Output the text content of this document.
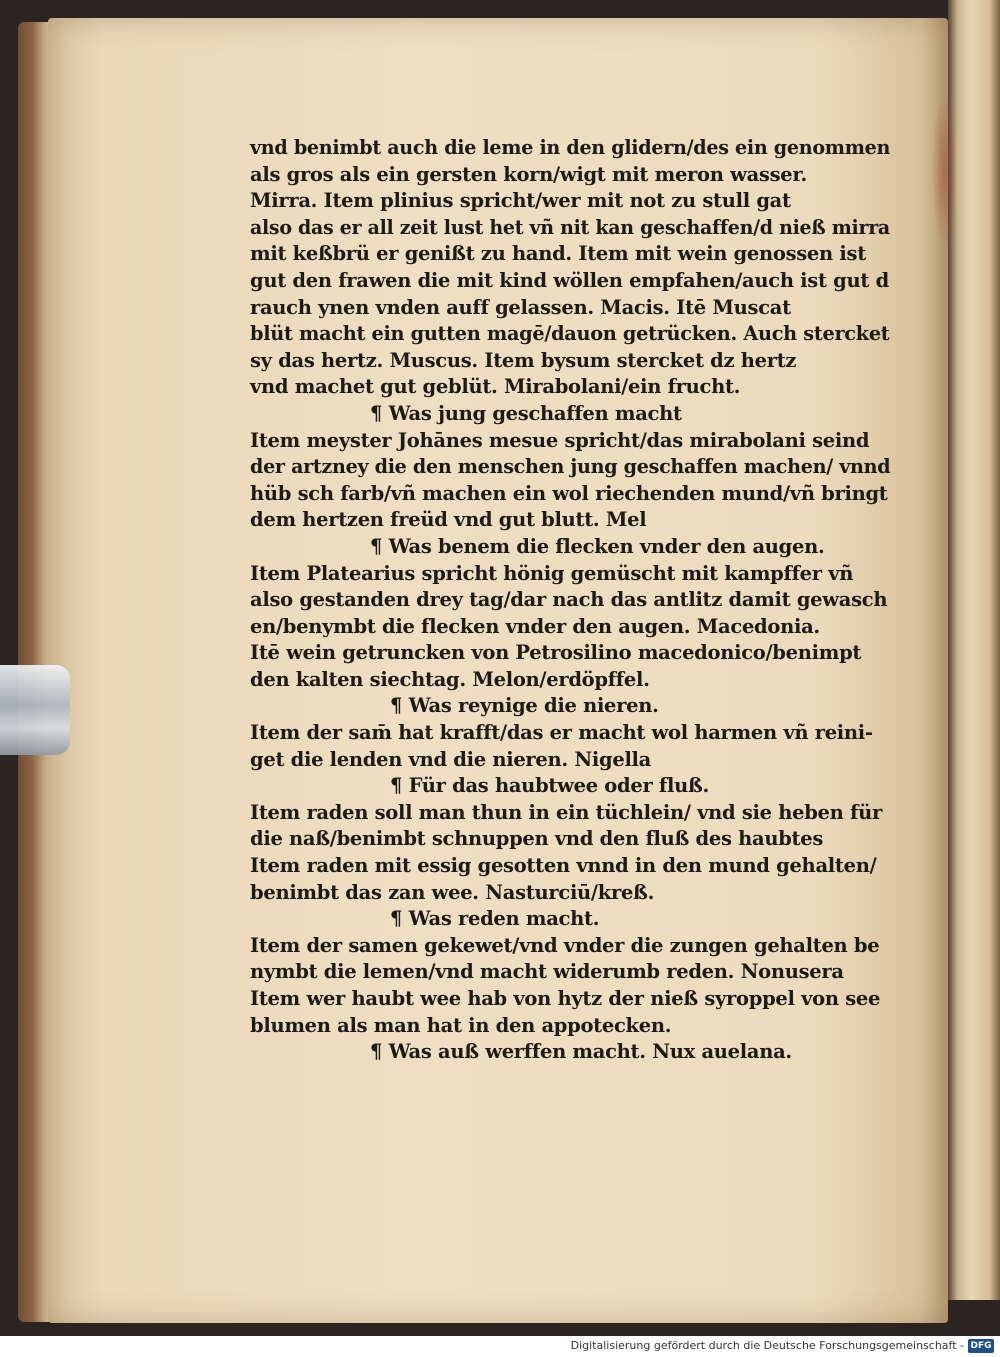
vnd benimbt auch die leme in den glidern/des ein genommen
als gros als ein gersten korn/wigt mit meron wasser.
Mirra. Item plinius spricht/wer mit not zu stull gat
also das er all zeit lust het vñ nit kan geschaffen/d nieß mirra
mit keßbrü er genißt zu hand. Item mit wein genossen ist
gut den frawen die mit kind wöllen empfahen/auch ist gut d
rauch ynen vnden auff gelassen. Macis. Itē Muscat
blüt macht ein gutten magē/dauon getrücken. Auch stercket
sy das hertz. Muscus. Item bysum stercket dz hertz
vnd machet gut geblüt. Mirabolani/ein frucht.
¶ Was jung geschaffen macht
Item meyster Johānes mesue spricht/das mirabolani seind
der artzney die den menschen jung geschaffen machen/ vnnd
hüb sch farb/vñ machen ein wol riechenden mund/vñ bringt
dem hertzen freüd vnd gut blutt. Mel
¶ Was benem die flecken vnder den augen.
Item Platearius spricht hönig gemüscht mit kampffer vñ
also gestanden drey tag/dar nach das antlitz damit gewasch
en/benymbt die flecken vnder den augen. Macedonia.
Itē wein getruncken von Petrosilino macedonico/benimpt
den kalten siechtag. Melon/erdöpffel.
¶ Was reynige die nieren.
Item der sam̄ hat krafft/das er macht wol harmen vñ reini-
get die lenden vnd die nieren. Nigella
¶ Für das haubtwee oder fluß.
Item raden soll man thun in ein tüchlein/ vnd sie heben für
die naß/benimbt schnuppen vnd den fluß des haubtes
Item raden mit essig gesotten vnnd in den mund gehalten/
benimbt das zan wee. Nasturciū/kreß.
¶ Was reden macht.
Item der samen gekewet/vnd vnder die zungen gehalten be
nymbt die lemen/vnd macht widerumb reden. Nonusera
Item wer haubt wee hab von hytz der nieß syroppel von see
blumen als man hat in den appotecken.
¶ Was auß werffen macht. Nux auelana.
Digitalisierung gefördert durch die Deutsche Forschungsgemeinschaft - DFG
